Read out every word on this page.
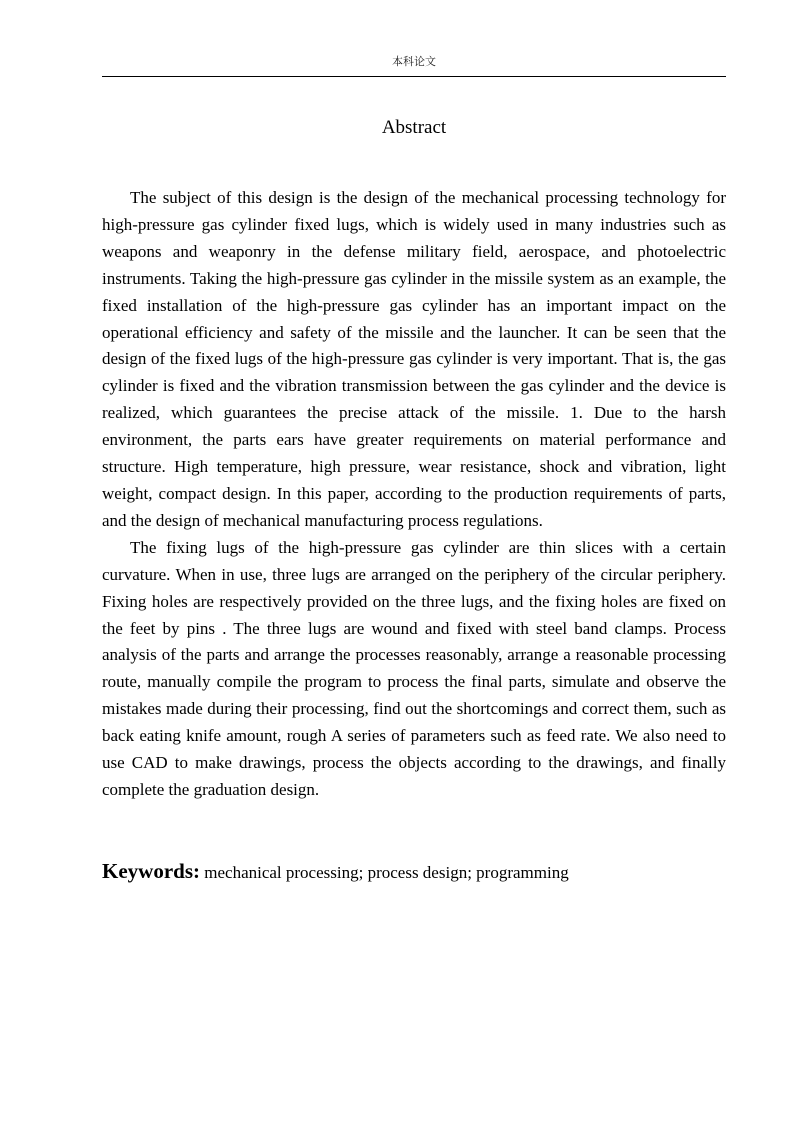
本科论文
Abstract

The subject of this design is the design of the mechanical processing technology for high-pressure gas cylinder fixed lugs, which is widely used in many industries such as weapons and weaponry in the defense military field, aerospace, and photoelectric instruments. Taking the high-pressure gas cylinder in the missile system as an example, the fixed installation of the high-pressure gas cylinder has an important impact on the operational efficiency and safety of the missile and the launcher. It can be seen that the design of the fixed lugs of the high-pressure gas cylinder is very important. That is, the gas cylinder is fixed and the vibration transmission between the gas cylinder and the device is realized, which guarantees the precise attack of the missile. 1. Due to the harsh environment, the parts ears have greater requirements on material performance and structure. High temperature, high pressure, wear resistance, shock and vibration, light weight, compact design. In this paper, according to the production requirements of parts, and the design of mechanical manufacturing process regulations.

The fixing lugs of the high-pressure gas cylinder are thin slices with a certain curvature. When in use, three lugs are arranged on the periphery of the circular periphery. Fixing holes are respectively provided on the three lugs, and the fixing holes are fixed on the feet by pins . The three lugs are wound and fixed with steel band clamps. Process analysis of the parts and arrange the processes reasonably, arrange a reasonable processing route, manually compile the program to process the final parts, simulate and observe the mistakes made during their processing, find out the shortcomings and correct them, such as back eating knife amount, rough A series of parameters such as feed rate. We also need to use CAD to make drawings, process the objects according to the drawings, and finally complete the graduation design.

Keywords: mechanical processing; process design; programming
